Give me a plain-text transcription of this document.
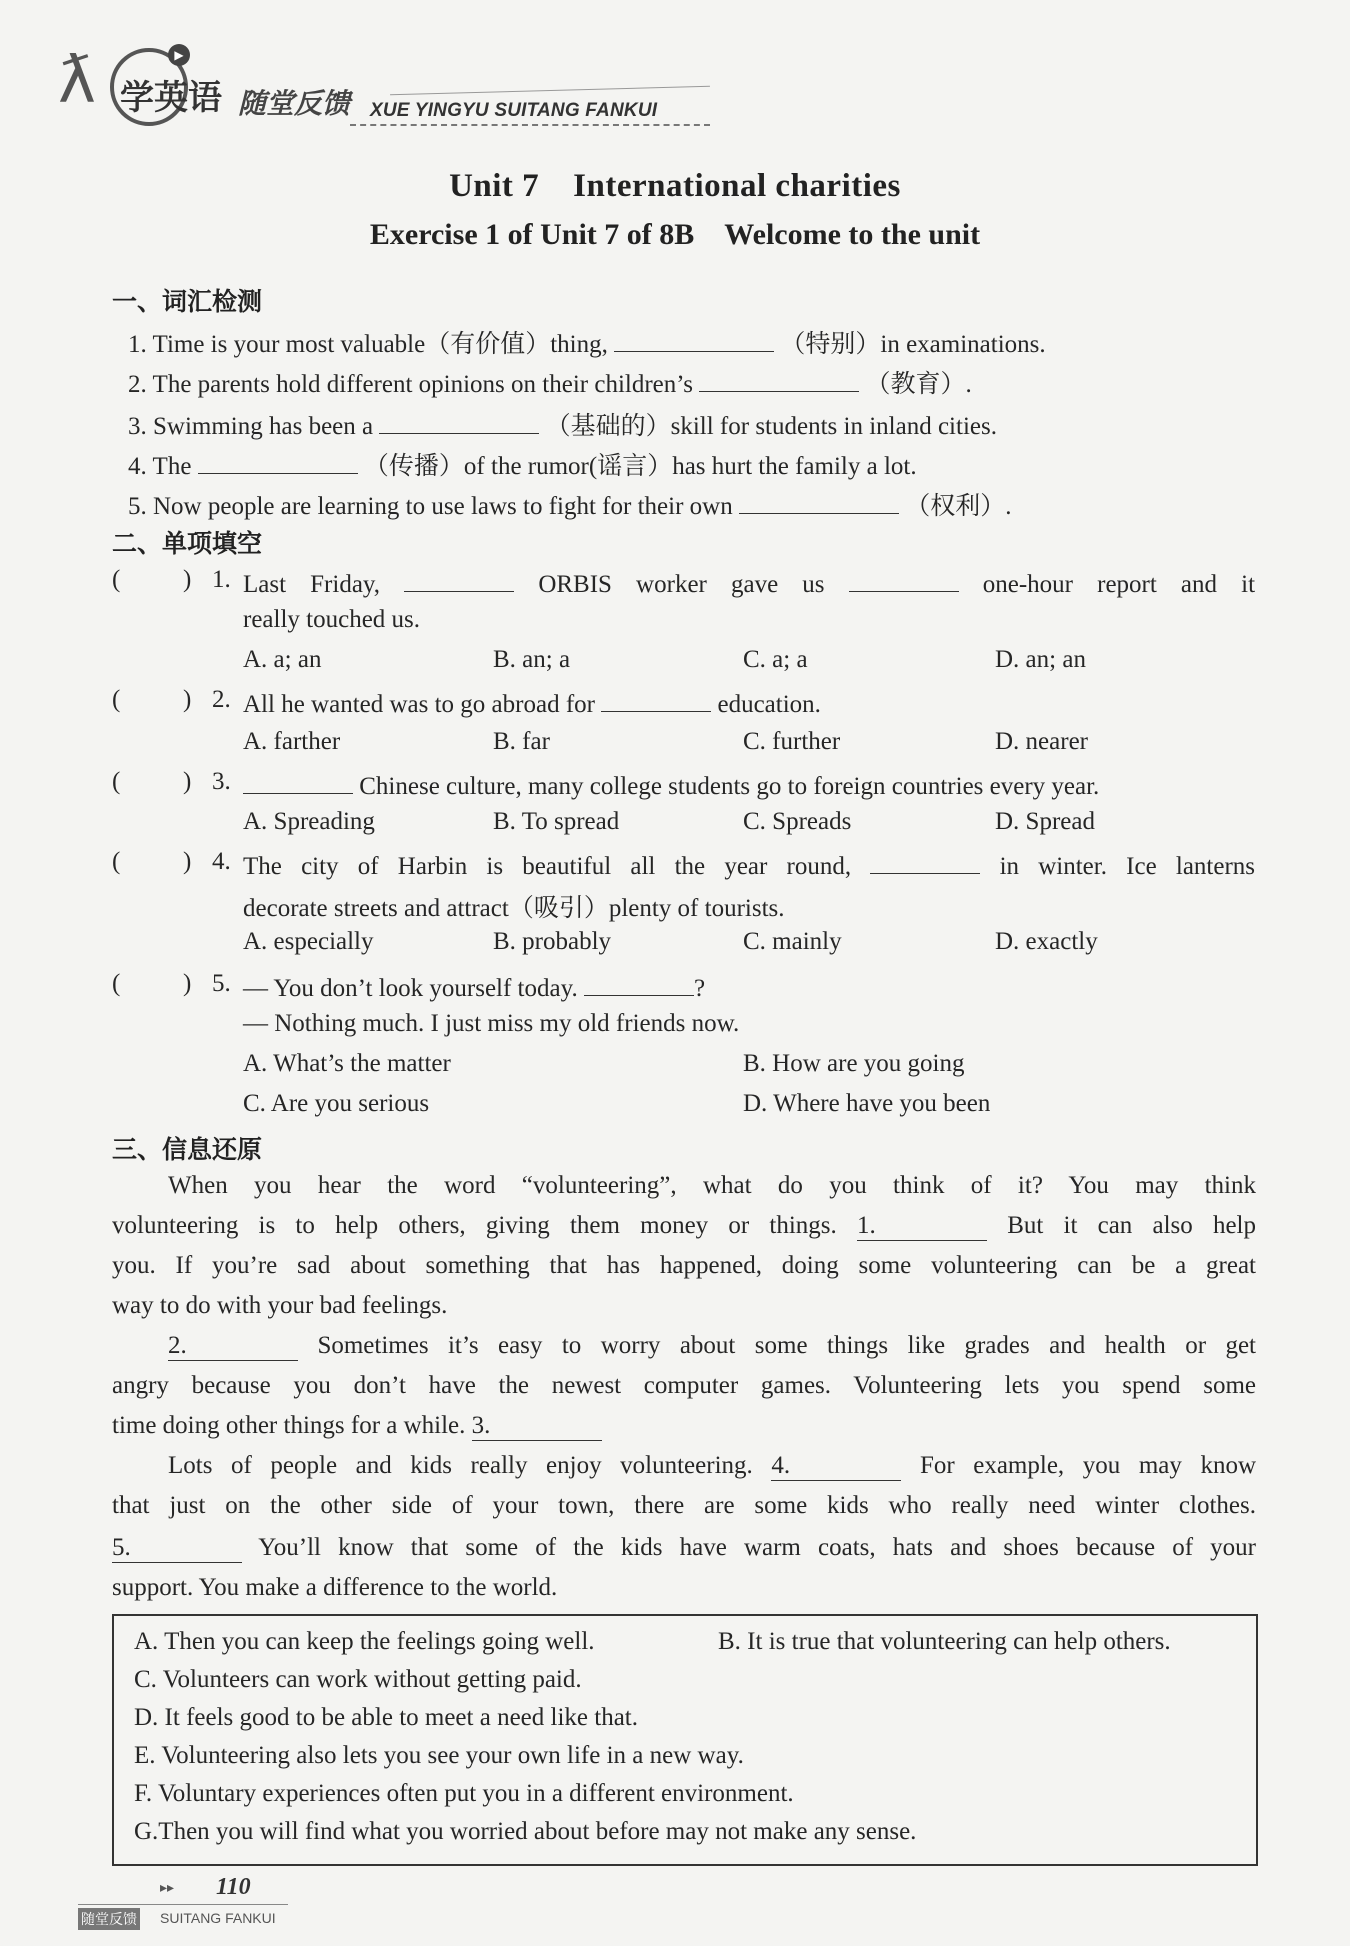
▶
ƛ 学英语 随堂反馈 XUE YINGYU SUITANG FANKUI
Unit 7 International charities
Exercise 1 of Unit 7 of 8B Welcome to the unit
一、词汇检测
1. Time is your most valuable（有价值）thing,	（特别）in examinations.
2. The parents hold different opinions on their children’s	（教育）.
3. Swimming has been a	（基础的）skill for students in inland cities.
4. The	（传播）of the rumor(谣言）has hurt the family a lot.
5. Now people are learning to use laws to fight for their own	（权利）.
二、单项填空
(	) 1. Last Friday,	ORBIS worker gave us	one-hour report and it
really touched us.
A. a; an	B. an; a	C. a; a	D. an; an
(	) 2. All he wanted was to go abroad for	education.
A. farther	B. far	C. further	D. nearer
(	) 3.	Chinese culture, many college students go to foreign countries every year.
A. Spreading	B. To spread	C. Spreads	D. Spread
(	) 4. The city of Harbin is beautiful all the year round,	in winter. Ice lanterns
decorate streets and attract（吸引）plenty of tourists.
A. especially	B. probably	C. mainly	D. exactly
(	) 5. — You don’t look yourself today.	?
— Nothing much. I just miss my old friends now.
A. What’s the matter	B. How are you going
C. Are you serious	D. Where have you been
三、信息还原
When you hear the word “volunteering”, what do you think of it? You may think
volunteering is to help others, giving them money or things. 1.	But it can also help
you. If you’re sad about something that has happened, doing some volunteering can be a great
way to do with your bad feelings.
2.	Sometimes it’s easy to worry about some things like grades and health or get
angry because you don’t have the newest computer games. Volunteering lets you spend some
time doing other things for a while. 3.
Lots of people and kids really enjoy volunteering. 4.	For example, you may know
that just on the other side of your town, there are some kids who really need winter clothes.
5.	You’ll know that some of the kids have warm coats, hats and shoes because of your
support. You make a difference to the world.
A. Then you can keep the feelings going well.	B. It is true that volunteering can help others.
C. Volunteers can work without getting paid.
D. It feels good to be able to meet a need like that.
E. Volunteering also lets you see your own life in a new way.
F. Voluntary experiences often put you in a different environment.
G.Then you will find what you worried about before may not make any sense.
▸▸ 110
随堂反馈 SUITANG FANKUI
